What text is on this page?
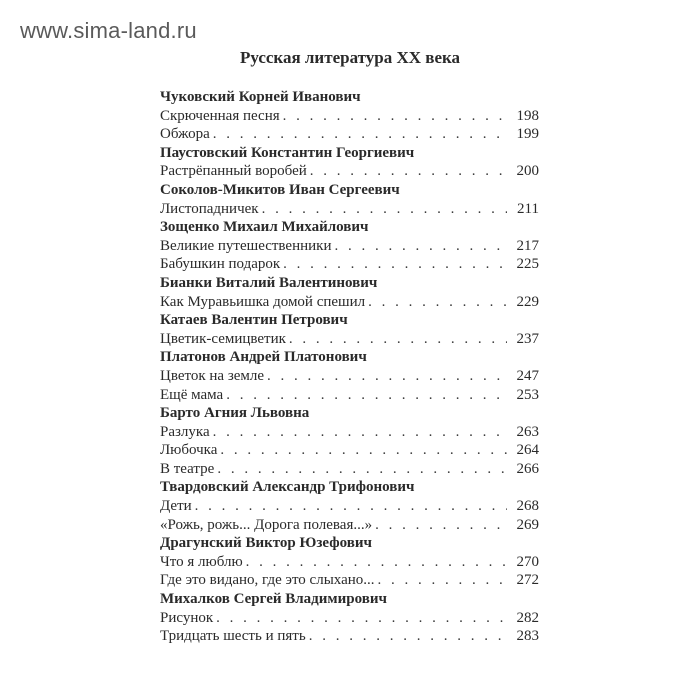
www.sima-land.ru
Русская литература XX века
Чуковский Корней Иванович
Скрюченная песня . . .	198
Обжора . . .	199
Паустовский Константин Георгиевич
Растрёпанный воробей . . .	200
Соколов-Микитов Иван Сергеевич
Листопадничек . . .	211
Зощенко Михаил Михайлович
Великие путешественники . . .	217
Бабушкин подарок . . .	225
Бианки Виталий Валентинович
Как Муравьишка домой спешил . . .	229
Катаев Валентин Петрович
Цветик-семицветик . . .	237
Платонов Андрей Платонович
Цветок на земле . . .	247
Ещё мама . . .	253
Барто Агния Львовна
Разлука . . .	263
Любочка . . .	264
В театре . . .	266
Твардовский Александр Трифонович
Дети . . .	268
«Рожь, рожь... Дорога полевая...» . . .	269
Драгунский Виктор Юзефович
Что я люблю . . .	270
Где это видано, где это слыхано... . . .	272
Михалков Сергей Владимирович
Рисунок . . .	282
Тридцать шесть и пять . . .	283
